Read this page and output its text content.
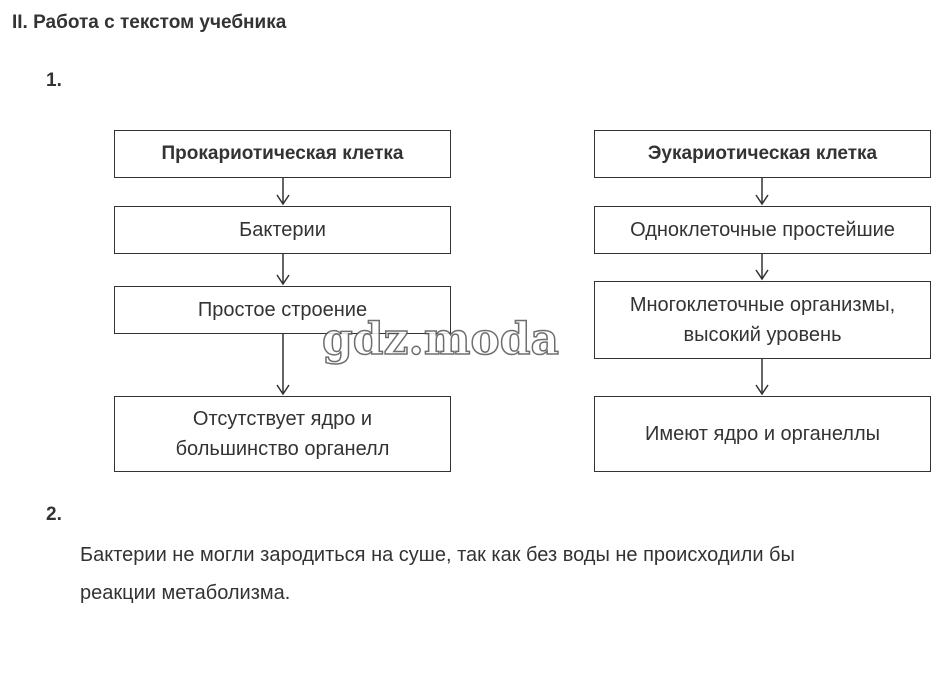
II. Работа с текстом учебника
1.
Прокариотическая клетка
Бактерии
Простое строение
Отсутствует ядро и
большинство органелл
Эукариотическая клетка
Одноклеточные простейшие
Многоклеточные организмы,
высокий уровень
Имеют ядро и органеллы
2.
Бактерии не могли зародиться на суше, так как без воды не происходили бы
реакции метаболизма.
gdz.moda
